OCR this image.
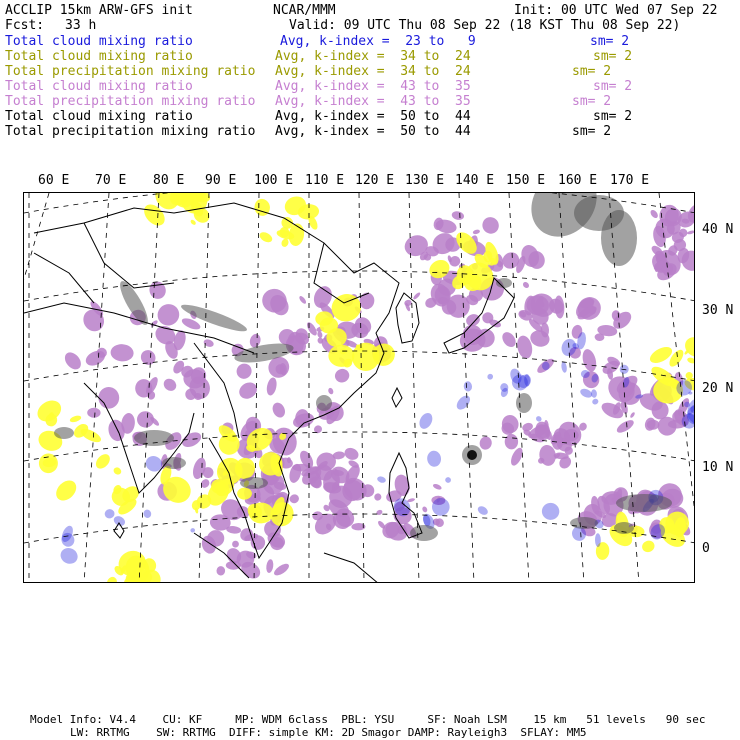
ACCLIP 15km ARW-GFS init	NCAR/MMM	Init: 00 UTC Wed 07 Sep 22
Fcst: 33 h	Valid: 09 UTC Thu 08 Sep 22 (18 KST Thu 08 Sep 22)
Total cloud mixing ratio	Avg, k-index =  23 to   9	sm= 2
Total cloud mixing ratio	Avg, k-index =  34 to  24	sm= 2
Total precipitation mixing ratio Avg, k-index =  34 to  24	sm= 2
Total cloud mixing ratio	Avg, k-index =  43 to  35	sm= 2
Total precipitation mixing ratio Avg, k-index =  43 to  35	sm= 2
Total cloud mixing ratio	Avg, k-index =  50 to  44	sm= 2
Total precipitation mixing ratio Avg, k-index =  50 to  44	sm= 2
60 E 70 E 80 E 90 E 100 E 110 E 120 E 130 E 140 E 150 E 160 E 170 E
40 N
30 N
20 N
10 N
0
Model Info: V4.4    CU: KF     MP: WDM 6class  PBL: YSU     SF: Noah LSM    15 km   51 levels   90 sec
LW: RRTMG    SW: RRTMG  DIFF: simple KM: 2D Smagor DAMP: Rayleigh3  SFLAY: MM5
